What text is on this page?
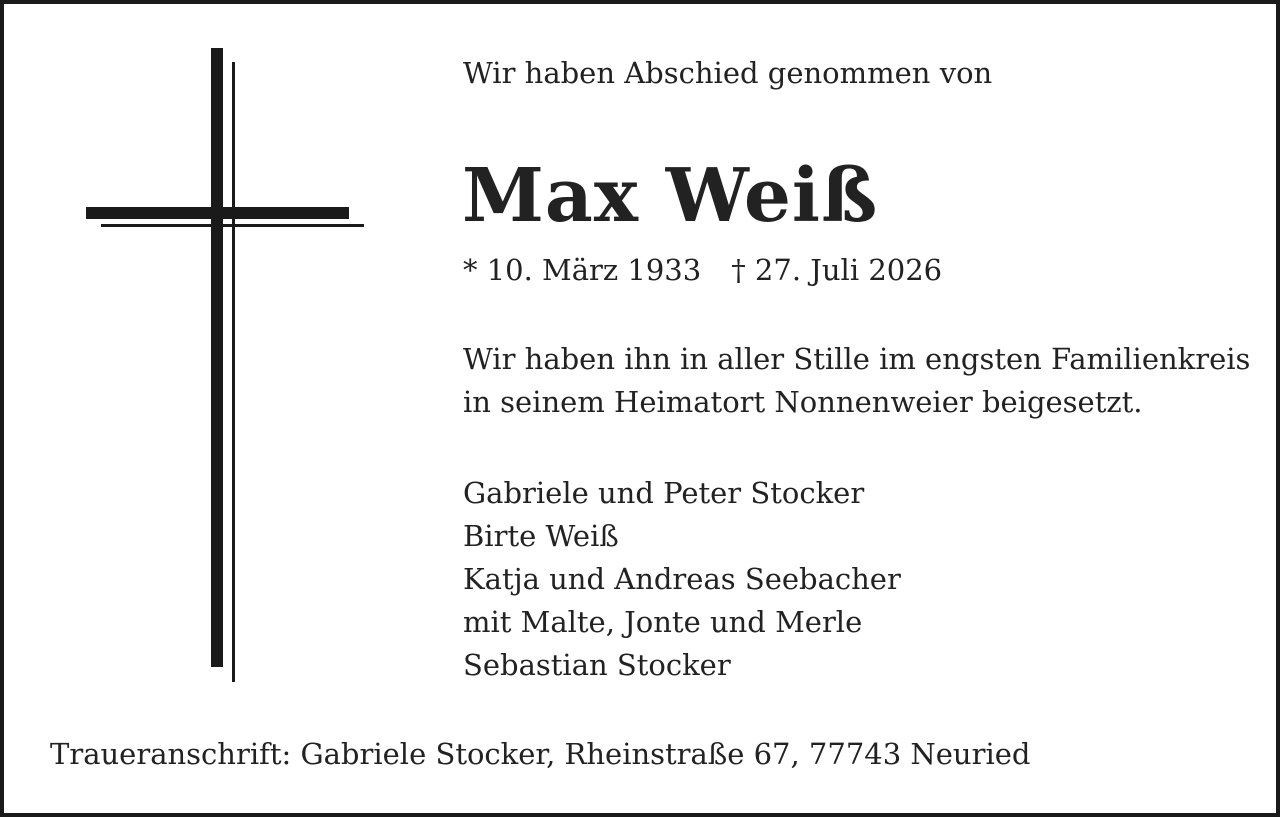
Wir haben Abschied genommen von

Max Weiß

* 10. März 1933 † 27. Juli 2026

Wir haben ihn in aller Stille im engsten Familienkreis
in seinem Heimatort Nonnenweier beigesetzt.
Gabriele und Peter Stocker
Birte Weiß
Katja und Andreas Seebacher
mit Malte, Jonte und Merle
Sebastian Stocker

Traueranschrift: Gabriele Stocker, Rheinstraße 67, 77743 Neuried
